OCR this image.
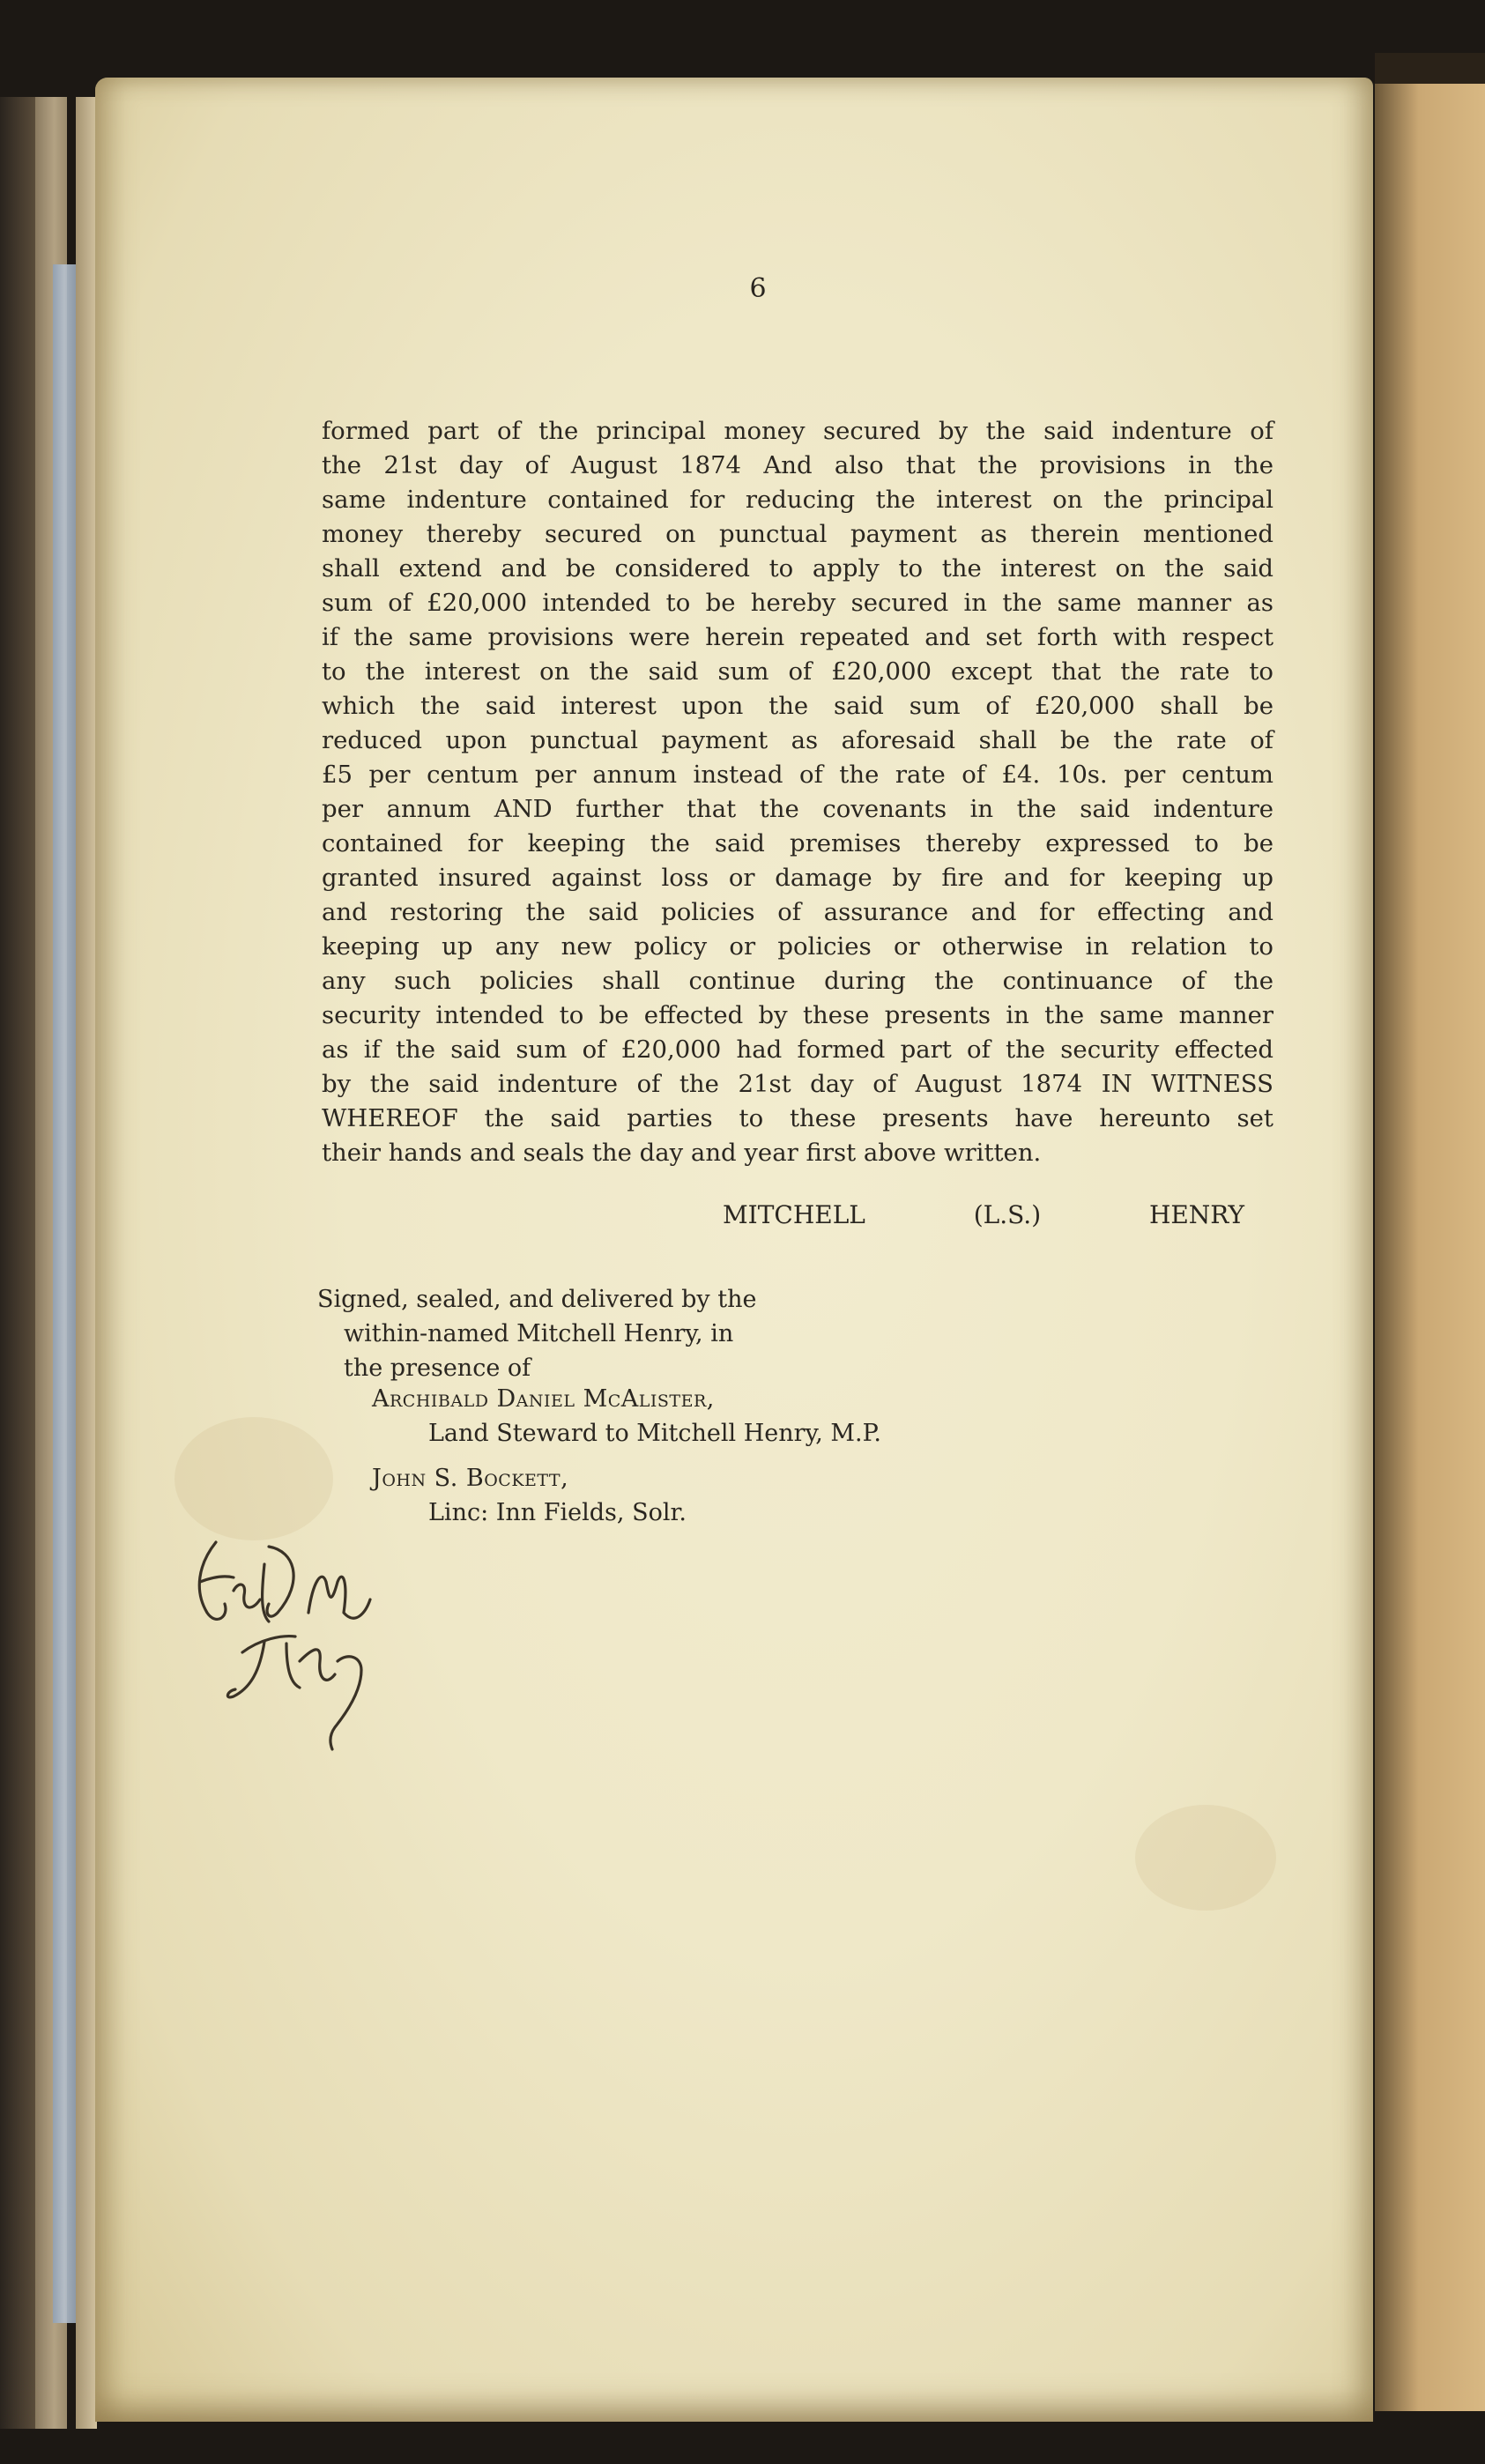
6
formed part of the principal money secured by the said indenture of
the 21st day of August 1874 And also that the provisions in the
same indenture contained for reducing the interest on the principal
money thereby secured on punctual payment as therein mentioned
shall extend and be considered to apply to the interest on the said
sum of £20,000 intended to be hereby secured in the same manner as
if the same provisions were herein repeated and set forth with respect
to the interest on the said sum of £20,000 except that the rate to
which the said interest upon the said sum of £20,000 shall be
reduced upon punctual payment as aforesaid shall be the rate of
£5 per centum per annum instead of the rate of £4. 10s. per centum
per annum AND further that the covenants in the said indenture
contained for keeping the said premises thereby expressed to be
granted insured against loss or damage by fire and for keeping up
and restoring the said policies of assurance and for effecting and
keeping up any new policy or policies or otherwise in relation to
any such policies shall continue during the continuance of the
security intended to be effected by these presents in the same manner
as if the said sum of £20,000 had formed part of the security effected
by the said indenture of the 21st day of August 1874 IN WITNESS
WHEREOF the said parties to these presents have hereunto set
their hands and seals the day and year first above written.
MITCHELL	(L.S.)	HENRY
Signed, sealed, and delivered by the
within-named Mitchell Henry, in
the presence of
Archibald Daniel McAlister,
Land Steward to Mitchell Henry, M.P.
John S. Bockett,
Linc: Inn Fields, Solr.
